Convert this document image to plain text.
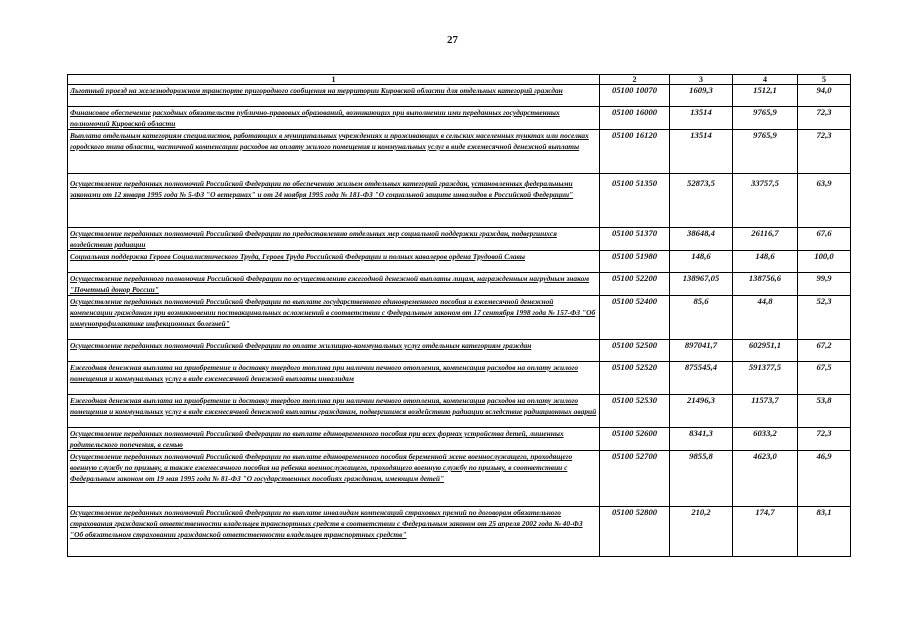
27
1	2	3	4	5
Льготный проезд на железнодорожном транспорте пригородного сообщения на территории Кировской области для отдельных категорий граждан	05100 10070	1609,3	1512,1	94,0
Финансовое обеспечение расходных обязательств публично-правовых образований, возникающих при выполнении ими переданных государственных полномочий Кировской области	05100 16000	13514	9765,9	72,3
Выплата отдельным категориям специалистов, работающих в муниципальных учреждениях и проживающих в сельских населенных пунктах или поселках городского типа области, частичной компенсации расходов на оплату жилого помещения и коммунальных услуг в виде ежемесячной денежной выплаты	05100 16120	13514	9765,9	72,3
Осуществление переданных полномочий Российской Федерации по обеспечению жильем отдельных категорий граждан, установленных федеральными законами от 12 января 1995 года № 5-ФЗ "О ветеранах" и от 24 ноября 1995 года № 181-ФЗ "О социальной защите инвалидов в Российской Федерации"	05100 51350	52873,5	33757,5	63,9
Осуществление переданных полномочий Российской Федерации по предоставлению отдельных мер социальной поддержки граждан, подвергшихся воздействию радиации	05100 51370	38648,4	26116,7	67,6
Социальная поддержка Героев Социалистического Труда, Героев Труда Российской Федерации и полных кавалеров ордена Трудовой Славы	05100 51980	148,6	148,6	100,0
Осуществление переданного полномочия Российской Федерации по осуществлению ежегодной денежной выплаты лицам, награжденным нагрудным знаком "Почетный донор России"	05100 52200	138967,05	138756,6	99,9
Осуществление переданных полномочий Российской Федерации по выплате государственного единовременного пособия и ежемесячной денежной компенсации гражданам при возникновении поствакцинальных осложнений в соответствии с Федеральным законом от 17 сентября 1998 года № 157-ФЗ "Об иммунопрофилактике инфекционных болезней"	05100 52400	85,6	44,8	52,3
Осуществление переданных полномочий Российской Федерации по оплате жилищно-коммунальных услуг отдельным категориям граждан	05100 52500	897041,7	602951,1	67,2
Ежегодная денежная выплата на приобретение и доставку твердого топлива при наличии печного отопления, компенсация расходов на оплату жилого помещения и коммунальных услуг в виде ежемесячной денежной выплаты инвалидам	05100 52520	875545,4	591377,5	67,5
Ежегодная денежная выплата на приобретение и доставку твердого топлива при наличии печного отопления, компенсация расходов на оплату жилого помещения и коммунальных услуг в виде ежемесячной денежной выплаты гражданам, подвергшимся воздействию радиации вследствие радиационных аварий	05100 52530	21496,3	11573,7	53,8
Осуществление переданных полномочий Российской Федерации по выплате единовременного пособия при всех формах устройства детей, лишенных родительского попечения, в семью	05100 52600	8341,3	6033,2	72,3
Осуществление переданных полномочий Российской Федерации по выплате единовременного пособия беременной жене военнослужащего, проходящего военную службу по призыву, а также ежемесячного пособия на ребенка военнослужащего, проходящего военную службу по призыву, в соответствии с Федеральным законом от 19 мая 1995 года № 81-ФЗ "О государственных пособиях гражданам, имеющим детей"	05100 52700	9855,8	4623,0	46,9
Осуществление переданных полномочий Российской Федерации по выплате инвалидам компенсаций страховых премий по договорам обязательного страхования гражданской ответственности владельцев транспортных средств в соответствии с Федеральным законом от 25 апреля 2002 года № 40-ФЗ "Об обязательном страховании гражданской ответственности владельцев транспортных средств"	05100 52800	210,2	174,7	83,1
